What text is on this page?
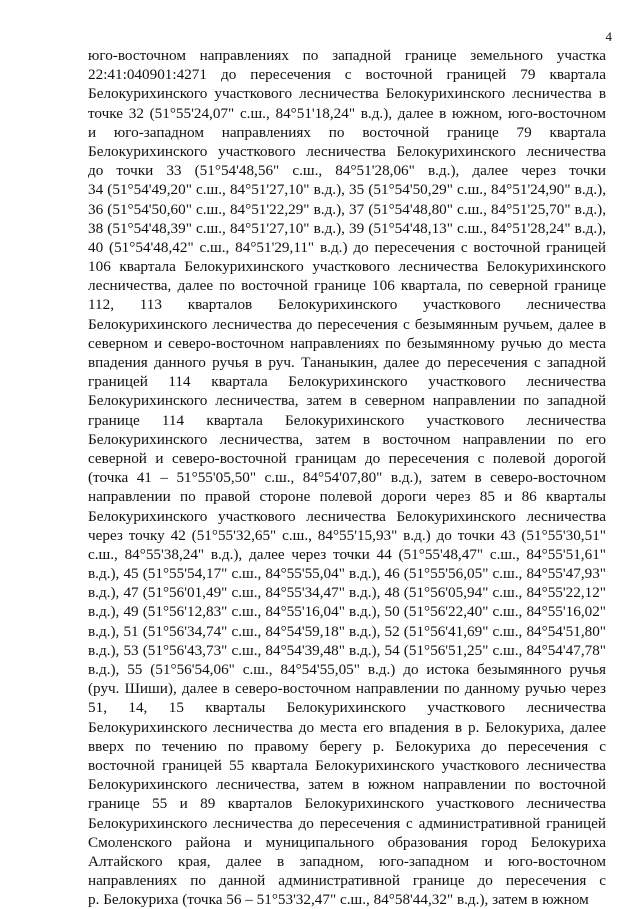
4
юго-восточном направлениях по западной границе земельного участка
22:41:040901:4271 до пересечения с восточной границей 79 квартала
Белокурихинского участкового лесничества Белокурихинского лесничества в
точке 32 (51°55'24,07" с.ш., 84°51'18,24" в.д.), далее в южном, юго-восточном
и юго-западном направлениях по восточной границе 79 квартала
Белокурихинского участкового лесничества Белокурихинского лесничества
до точки 33 (51°54'48,56" с.ш., 84°51'28,06" в.д.), далее через точки
34 (51°54'49,20" с.ш., 84°51'27,10" в.д.), 35 (51°54'50,29" с.ш., 84°51'24,90" в.д.),
36 (51°54'50,60" с.ш., 84°51'22,29" в.д.), 37 (51°54'48,80" с.ш., 84°51'25,70" в.д.),
38 (51°54'48,39" с.ш., 84°51'27,10" в.д.), 39 (51°54'48,13" с.ш., 84°51'28,24" в.д.),
40 (51°54'48,42" с.ш., 84°51'29,11" в.д.) до пересечения с восточной границей
106 квартала Белокурихинского участкового лесничества Белокурихинского
лесничества, далее по восточной границе 106 квартала, по северной границе
112, 113 кварталов Белокурихинского участкового лесничества
Белокурихинского лесничества до пересечения с безымянным ручьем, далее в
северном и северо-восточном направлениях по безымянному ручью до места
впадения данного ручья в руч. Тананыкин, далее до пересечения с западной
границей 114 квартала Белокурихинского участкового лесничества
Белокурихинского лесничества, затем в северном направлении по западной
границе 114 квартала Белокурихинского участкового лесничества
Белокурихинского лесничества, затем в восточном направлении по его
северной и северо-восточной границам до пересечения с полевой дорогой
(точка 41 – 51°55'05,50" с.ш., 84°54'07,80" в.д.), затем в северо-восточном
направлении по правой стороне полевой дороги через 85 и 86 кварталы
Белокурихинского участкового лесничества Белокурихинского лесничества
через точку 42 (51°55'32,65" с.ш., 84°55'15,93" в.д.) до точки 43 (51°55'30,51"
с.ш., 84°55'38,24" в.д.), далее через точки 44 (51°55'48,47" с.ш., 84°55'51,61"
в.д.), 45 (51°55'54,17" с.ш., 84°55'55,04" в.д.), 46 (51°55'56,05" с.ш., 84°55'47,93"
в.д.), 47 (51°56'01,49" с.ш., 84°55'34,47" в.д.), 48 (51°56'05,94" с.ш., 84°55'22,12"
в.д.), 49 (51°56'12,83" с.ш., 84°55'16,04" в.д.), 50 (51°56'22,40" с.ш., 84°55'16,02"
в.д.), 51 (51°56'34,74" с.ш., 84°54'59,18" в.д.), 52 (51°56'41,69" с.ш., 84°54'51,80"
в.д.), 53 (51°56'43,73" с.ш., 84°54'39,48" в.д.), 54 (51°56'51,25" с.ш., 84°54'47,78"
в.д.), 55 (51°56'54,06" с.ш., 84°54'55,05" в.д.) до истока безымянного ручья
(руч. Шиши), далее в северо-восточном направлении по данному ручью через
51, 14, 15 кварталы Белокурихинского участкового лесничества
Белокурихинского лесничества до места его впадения в р. Белокуриха, далее
вверх по течению по правому берегу р. Белокуриха до пересечения с
восточной границей 55 квартала Белокурихинского участкового лесничества
Белокурихинского лесничества, затем в южном направлении по восточной
границе 55 и 89 кварталов Белокурихинского участкового лесничества
Белокурихинского лесничества до пересечения с административной границей
Смоленского района и муниципального образования город Белокуриха
Алтайского края, далее в западном, юго-западном и юго-восточном
направлениях по данной административной границе до пересечения с
р. Белокуриха (точка 56 – 51°53'32,47" с.ш., 84°58'44,32" в.д.), затем в южном
